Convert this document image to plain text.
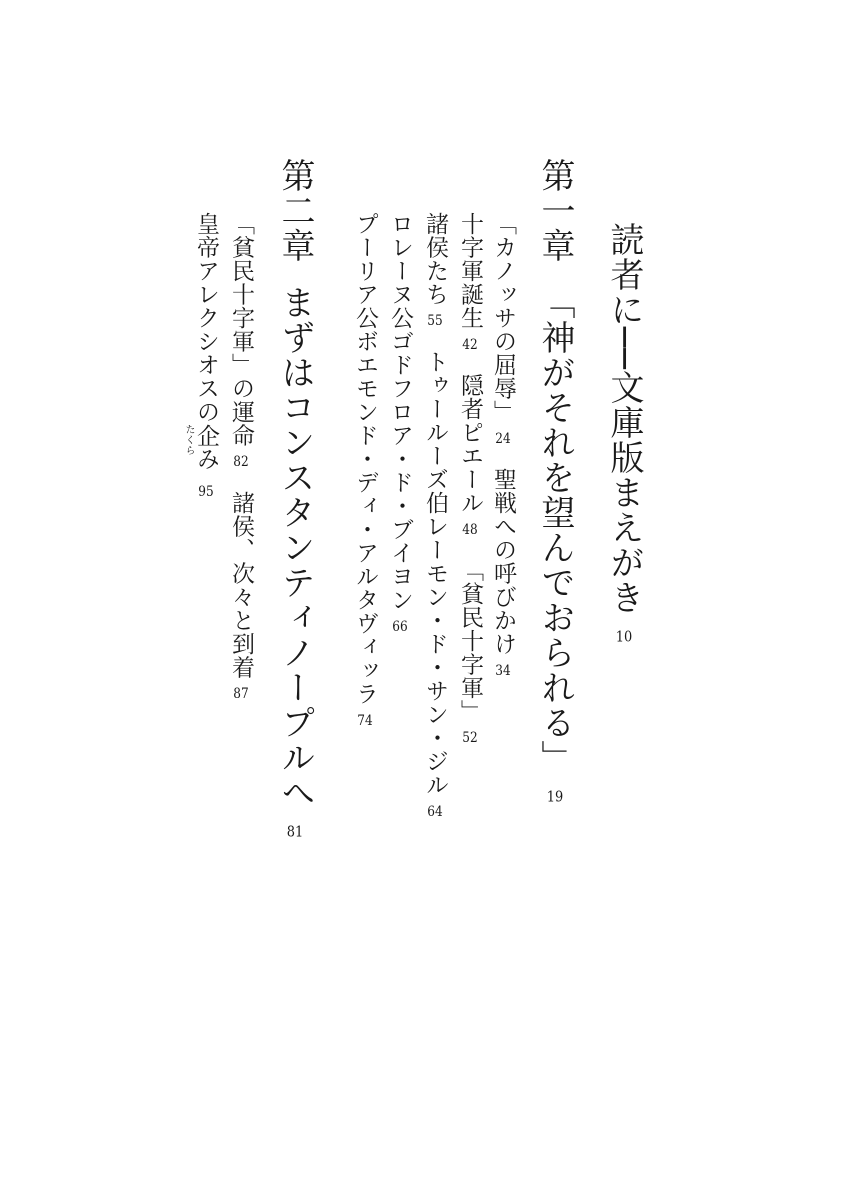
読者に──文庫版まえがき10
第一章「神がそれを望んでおられる」19
「カノッサの屈辱」24聖戦への呼びかけ34
十字軍誕生42隠者ピエール48「貧民十字軍」52
諸侯たち55トゥールーズ伯レーモン・ド・サン・ジル64
ロレーヌ公ゴドフロア・ド・ブイヨン66
プーリア公ボエモンド・ディ・アルタヴィッラ74
第二章まずはコンスタンティノープルへ81
「貧民十字軍」の運命82諸侯、次々と到着87
皇帝アレクシオスの企
たくら
み95
